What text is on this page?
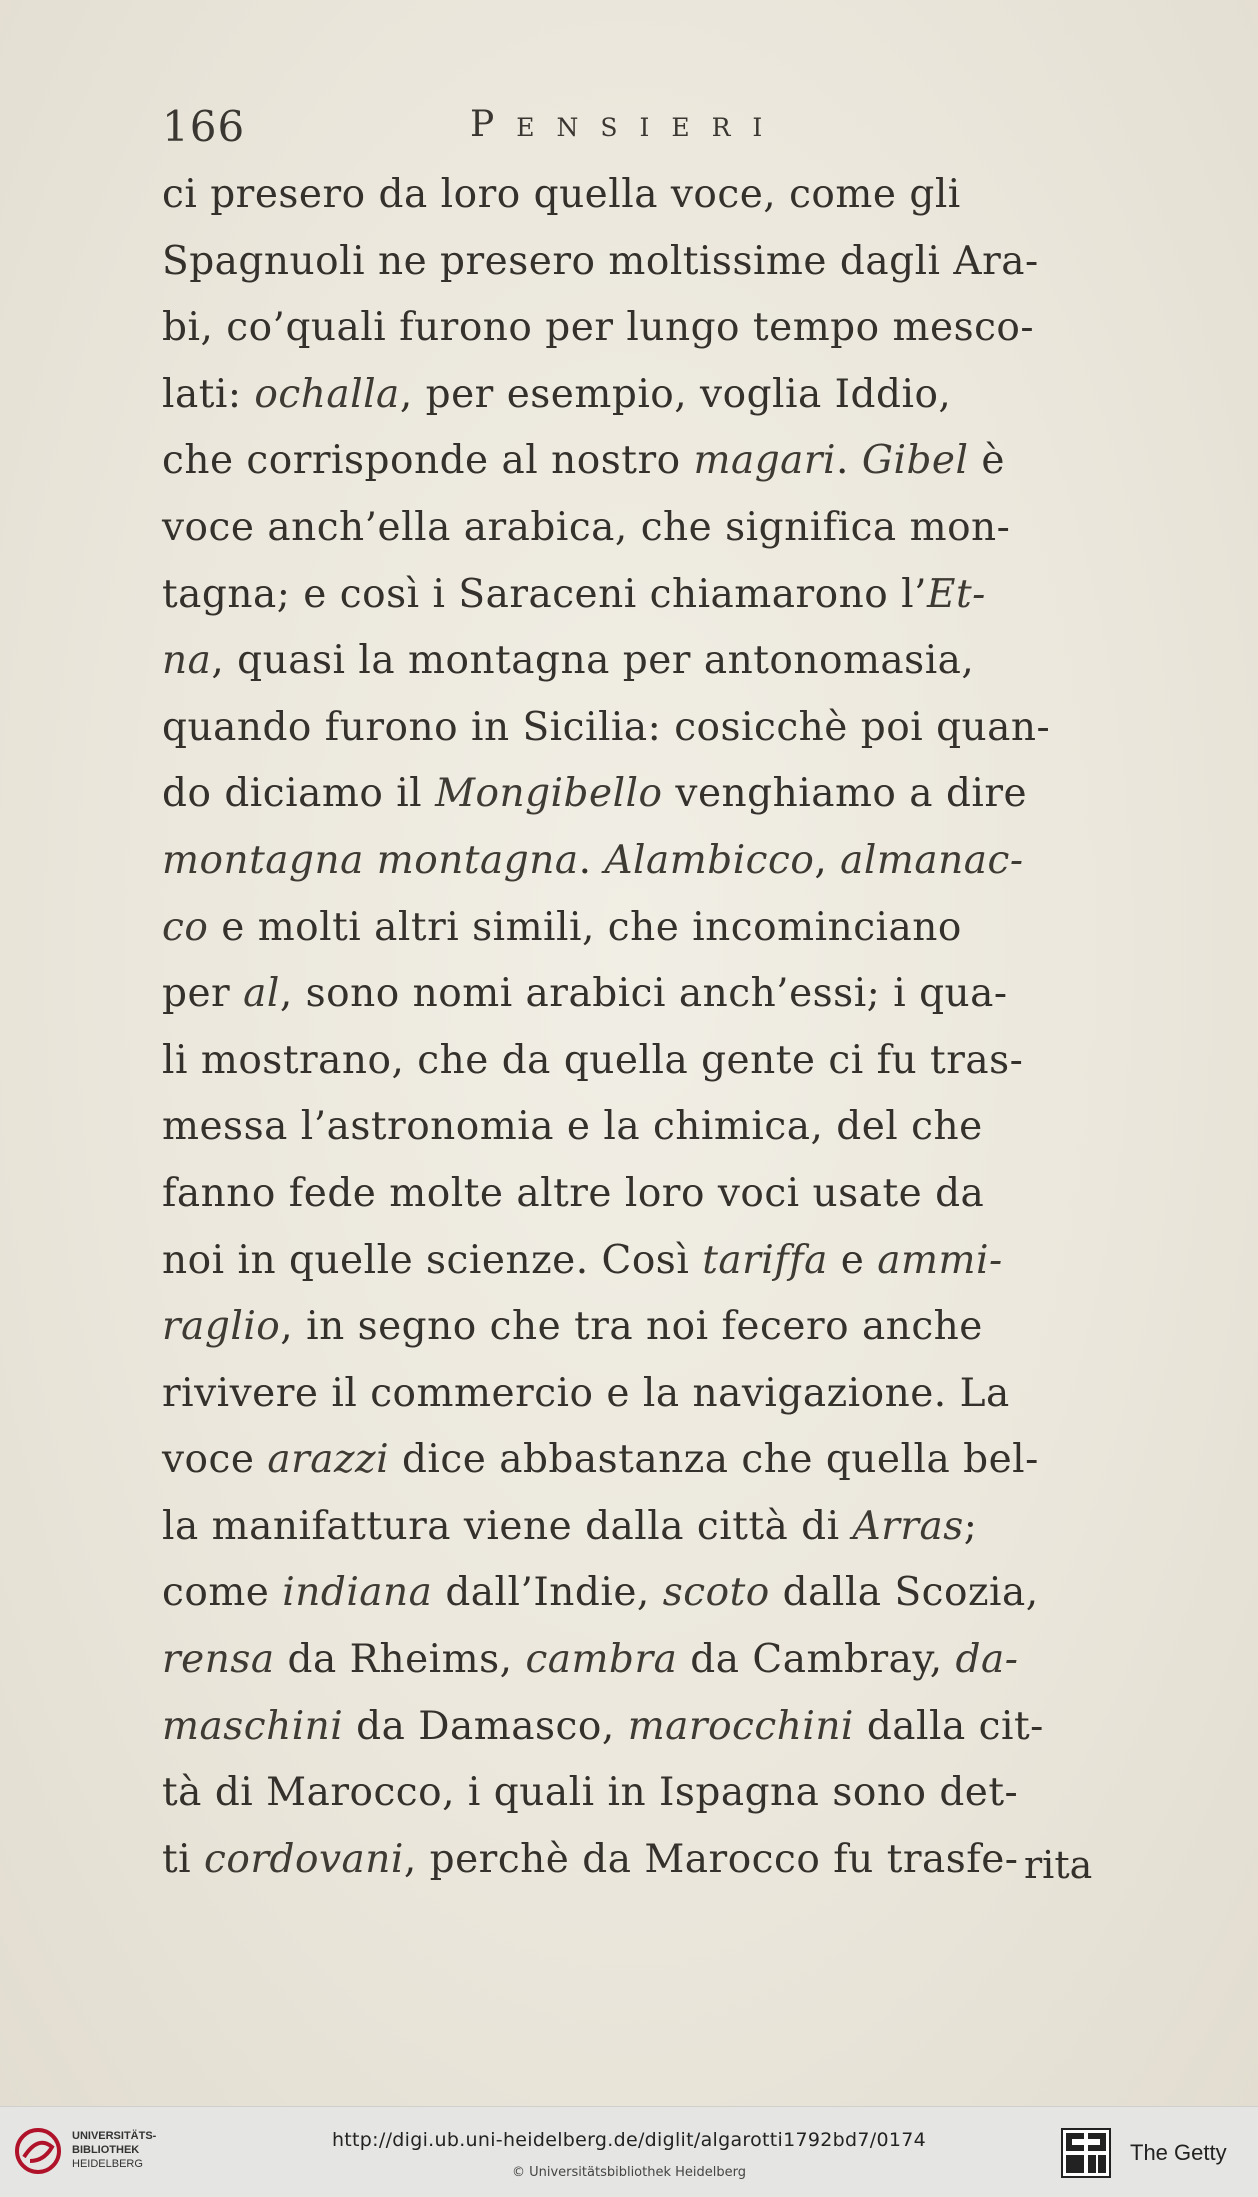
166	Pensieri
ci presero da loro quella voce, come gli
Spagnuoli ne presero moltissime dagli Ara-
bi, co’quali furono per lungo tempo mesco-
lati: ochalla, per esempio, voglia Iddio,
che corrisponde al nostro magari. Gibel è
voce anch’ella arabica, che significa mon-
tagna; e così i Saraceni chiamarono l’Et-
na, quasi la montagna per antonomasia,
quando furono in Sicilia: cosicchè poi quan-
do diciamo il Mongibello venghiamo a dire
montagna montagna. Alambicco, almanac-
co e molti altri simili, che incominciano
per al, sono nomi arabici anch’essi; i qua-
li mostrano, che da quella gente ci fu tras-
messa l’astronomia e la chimica, del che
fanno fede molte altre loro voci usate da
noi in quelle scienze. Così tariffa e ammi-
raglio, in segno che tra noi fecero anche
rivivere il commercio e la navigazione. La
voce arazzi dice abbastanza che quella bel-
la manifattura viene dalla città di Arras;
come indiana dall’Indie, scoto dalla Scozia,
rensa da Rheims, cambra da Cambray, da-
maschini da Damasco, marocchini dalla cit-
tà di Marocco, i quali in Ispagna sono det-
ti cordovani, perchè da Marocco fu trasfe- rita
UNIVERSITÄTS-
BIBLIOTHEK
HEIDELBERG
http://digi.ub.uni-heidelberg.de/diglit/algarotti1792bd7/0174
© Universitätsbibliothek Heidelberg
The Getty
